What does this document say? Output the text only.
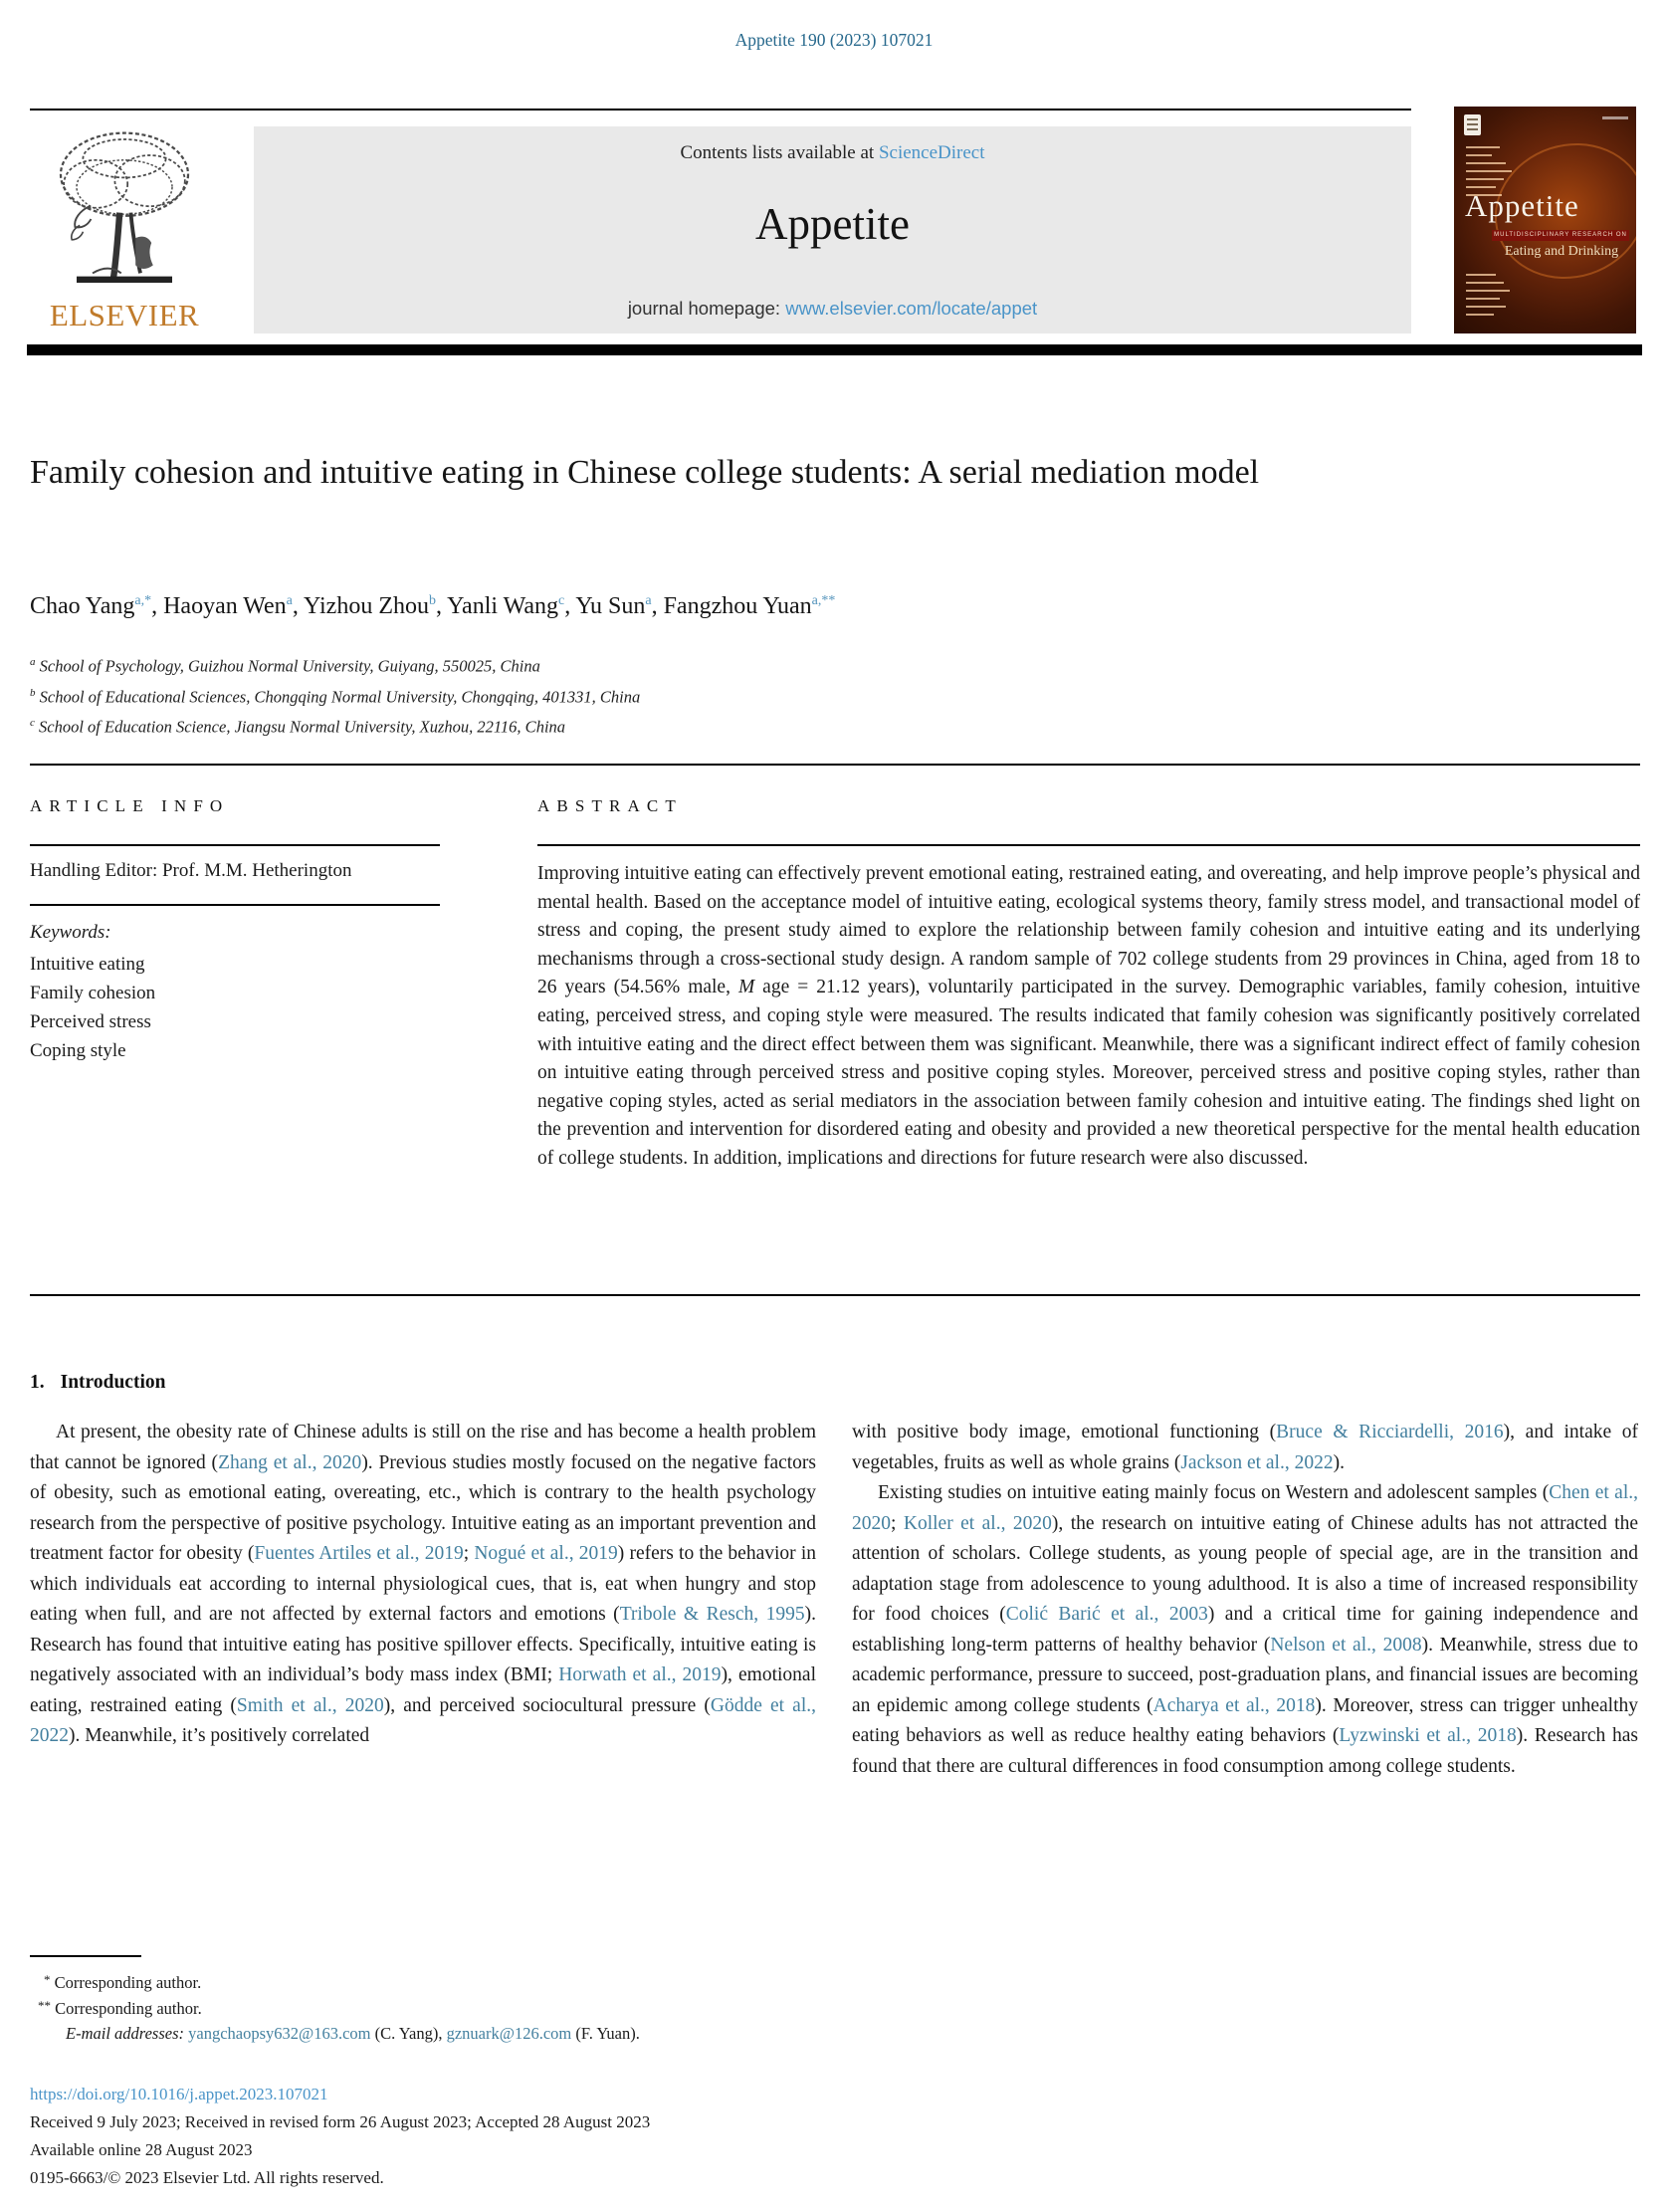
Appetite 190 (2023) 107021
ELSEVIER
Contents lists available at ScienceDirect
Appetite
journal homepage: www.elsevier.com/locate/appet
Appetite
MULTIDISCIPLINARY RESEARCH ON
Eating and Drinking
Family cohesion and intuitive eating in Chinese college students: A serial mediation model
Chao Yang$^{a,*}$, Haoyan Wen$^a$, Yizhou Zhou$^b$, Yanli Wang$^c$, Yu Sun$^a$, Fangzhou Yuan$^{a,**}$
$^a$ School of Psychology, Guizhou Normal University, Guiyang, 550025, China
$^b$ School of Educational Sciences, Chongqing Normal University, Chongqing, 401331, China
$^c$ School of Education Science, Jiangsu Normal University, Xuzhou, 22116, China
ARTICLE INFO
Handling Editor: Prof. M.M. Hetherington
Keywords:
Intuitive eating
Family cohesion
Perceived stress
Coping style
ABSTRACT
Improving intuitive eating can effectively prevent emotional eating, restrained eating, and overeating, and help improve people’s physical and mental health. Based on the acceptance model of intuitive eating, ecological systems theory, family stress model, and transactional model of stress and coping, the present study aimed to explore the relationship between family cohesion and intuitive eating and its underlying mechanisms through a cross-sectional study design. A random sample of 702 college students from 29 provinces in China, aged from 18 to 26 years (54.56% male, M age = 21.12 years), voluntarily participated in the survey. Demographic variables, family cohesion, intuitive eating, perceived stress, and coping style were measured. The results indicated that family cohesion was significantly positively correlated with intuitive eating and the direct effect between them was significant. Meanwhile, there was a significant indirect effect of family cohesion on intuitive eating through perceived stress and positive coping styles. Moreover, perceived stress and positive coping styles, rather than negative coping styles, acted as serial mediators in the association between family cohesion and intuitive eating. The findings shed light on the prevention and intervention for disordered eating and obesity and provided a new theoretical perspective for the mental health education of college students. In addition, implications and directions for future research were also discussed.
1. Introduction

At present, the obesity rate of Chinese adults is still on the rise and has become a health problem that cannot be ignored (Zhang et al., 2020). Previous studies mostly focused on the negative factors of obesity, such as emotional eating, overeating, etc., which is contrary to the health psychology research from the perspective of positive psychology. Intuitive eating as an important prevention and treatment factor for obesity (Fuentes Artiles et al., 2019; Nogué et al., 2019) refers to the behavior in which individuals eat according to internal physiological cues, that is, eat when hungry and stop eating when full, and are not affected by external factors and emotions (Tribole & Resch, 1995). Research has found that intuitive eating has positive spillover effects. Specifically, intuitive eating is negatively associated with an individual’s body mass index (BMI; Horwath et al., 2019), emotional eating, restrained eating (Smith et al., 2020), and perceived sociocultural pressure (Gödde et al., 2022). Meanwhile, it’s positively correlated

with positive body image, emotional functioning (Bruce & Ricciardelli, 2016), and intake of vegetables, fruits as well as whole grains (Jackson et al., 2022).

Existing studies on intuitive eating mainly focus on Western and adolescent samples (Chen et al., 2020; Koller et al., 2020), the research on intuitive eating of Chinese adults has not attracted the attention of scholars. College students, as young people of special age, are in the transition and adaptation stage from adolescence to young adulthood. It is also a time of increased responsibility for food choices (Colić Barić et al., 2003) and a critical time for gaining independence and establishing long-term patterns of healthy behavior (Nelson et al., 2008). Meanwhile, stress due to academic performance, pressure to succeed, post-graduation plans, and financial issues are becoming an epidemic among college students (Acharya et al., 2018). Moreover, stress can trigger unhealthy eating behaviors as well as reduce healthy eating behaviors (Lyzwinski et al., 2018). Research has found that there are cultural differences in food consumption among college students.

* Corresponding author.
** Corresponding author.
E-mail addresses: yangchaopsy632@163.com (C. Yang), gznuark@126.com (F. Yuan).
https://doi.org/10.1016/j.appet.2023.107021
Received 9 July 2023; Received in revised form 26 August 2023; Accepted 28 August 2023
Available online 28 August 2023
0195-6663/© 2023 Elsevier Ltd. All rights reserved.
